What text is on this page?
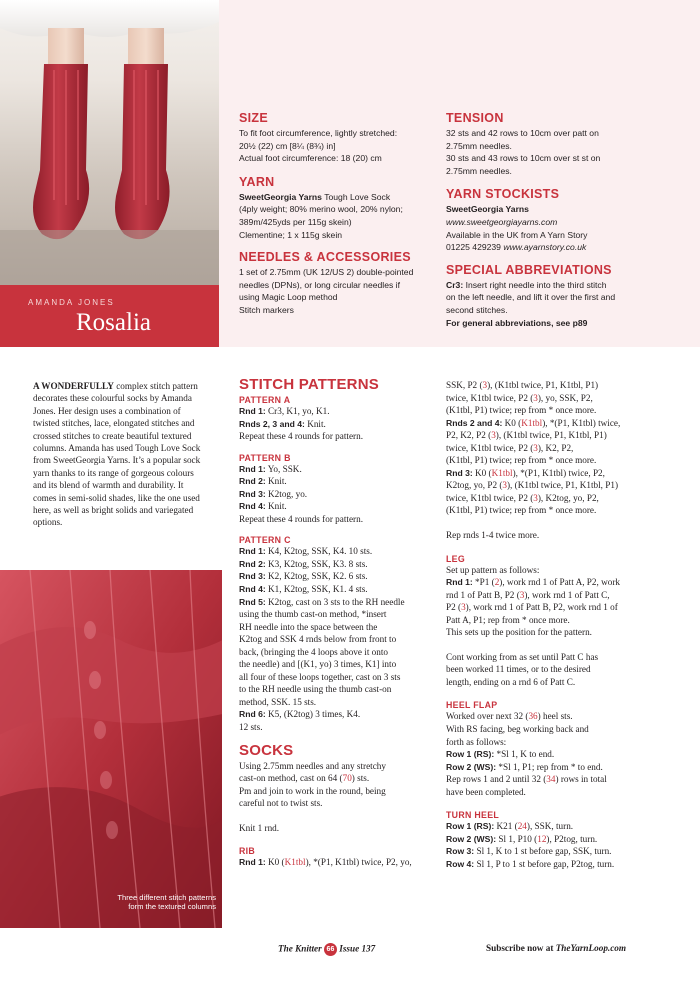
AMANDA JONES
Rosalia
SIZE
To fit foot circumference, lightly stretched:
20½ (22) cm [8¼ (8¾) in]
Actual foot circumference: 18 (20) cm
YARN
SweetGeorgia Yarns Tough Love Sock
(4ply weight; 80% merino wool, 20% nylon;
389m/425yds per 115g skein)
Clementine; 1 x 115g skein
NEEDLES & ACCESSORIES
1 set of 2.75mm (UK 12/US 2) double-pointed
needles (DPNs), or long circular needles if
using Magic Loop method
Stitch markers
TENSION
32 sts and 42 rows to 10cm over patt on
2.75mm needles.
30 sts and 43 rows to 10cm over st st on
2.75mm needles.
YARN STOCKISTS
SweetGeorgia Yarns
www.sweetgeorgiayarns.com
Available in the UK from A Yarn Story
01225 429239 www.ayarnstory.co.uk
SPECIAL ABBREVIATIONS
Cr3: Insert right needle into the third stitch
on the left needle, and lift it over the first and
second stitches.
For general abbreviations, see p89
A WONDERFULLY complex stitch pattern decorates these colourful socks by Amanda Jones. Her design uses a combination of twisted stitches, lace, elongated stitches and crossed stitches to create beautiful textured columns. Amanda has used Tough Love Sock from SweetGeorgia Yarns. It’s a popular sock yarn thanks to its range of gorgeous colours and its blend of warmth and durability. It comes in semi-solid shades, like the one used here, as well as bright solids and variegated options.
Three different stitch patterns form the textured columns
STITCH PATTERNS
PATTERN A
Rnd 1: Cr3, K1, yo, K1.
Rnds 2, 3 and 4: Knit.
Repeat these 4 rounds for pattern.
PATTERN B
Rnd 1: Yo, SSK.
Rnd 2: Knit.
Rnd 3: K2tog, yo.
Rnd 4: Knit.
Repeat these 4 rounds for pattern.
PATTERN C
Rnd 1: K4, K2tog, SSK, K4. 10 sts.
Rnd 2: K3, K2tog, SSK, K3. 8 sts.
Rnd 3: K2, K2tog, SSK, K2. 6 sts.
Rnd 4: K1, K2tog, SSK, K1. 4 sts.
Rnd 5: K2tog, cast on 3 sts to the RH needle
using the thumb cast-on method, *insert
RH needle into the space between the
K2tog and SSK 4 rnds below from front to
back, (bringing the 4 loops above it onto
the needle) and [(K1, yo) 3 times, K1] into
all four of these loops together, cast on 3 sts
to the RH needle using the thumb cast-on
method, SSK. 15 sts.
Rnd 6: K5, (K2tog) 3 times, K4.
12 sts.
SOCKS
Using 2.75mm needles and any stretchy
cast-on method, cast on 64 (70) sts.
Pm and join to work in the round, being
careful not to twist sts.
Knit 1 rnd.
RIB
Rnd 1: K0 (K1tbl), *(P1, K1tbl) twice, P2, yo,
SSK, P2 (3), (K1tbl twice, P1, K1tbl, P1)
twice, K1tbl twice, P2 (3), yo, SSK, P2,
(K1tbl, P1) twice; rep from * once more.
Rnds 2 and 4: K0 (K1tbl), *(P1, K1tbl) twice,
P2, K2, P2 (3), (K1tbl twice, P1, K1tbl, P1)
twice, K1tbl twice, P2 (3), K2, P2,
(K1tbl, P1) twice; rep from * once more.
Rnd 3: K0 (K1tbl), *(P1, K1tbl) twice, P2,
K2tog, yo, P2 (3), (K1tbl twice, P1, K1tbl, P1)
twice, K1tbl twice, P2 (3), K2tog, yo, P2,
(K1tbl, P1) twice; rep from * once more.
Rep rnds 1-4 twice more.
LEG
Set up pattern as follows:
Rnd 1: *P1 (2), work rnd 1 of Patt A, P2, work
rnd 1 of Patt B, P2 (3), work rnd 1 of Patt C,
P2 (3), work rnd 1 of Patt B, P2, work rnd 1 of
Patt A, P1; rep from * once more.
This sets up the position for the pattern.
Cont working from as set until Patt C has
been worked 11 times, or to the desired
length, ending on a rnd 6 of Patt C.
HEEL FLAP
Worked over next 32 (36) heel sts.
With RS facing, beg working back and
forth as follows:
Row 1 (RS): *Sl 1, K to end.
Row 2 (WS): *Sl 1, P1; rep from * to end.
Rep rows 1 and 2 until 32 (34) rows in total
have been completed.
TURN HEEL
Row 1 (RS): K21 (24), SSK, turn.
Row 2 (WS): Sl 1, P10 (12), P2tog, turn.
Row 3: Sl 1, K to 1 st before gap, SSK, turn.
Row 4: Sl 1, P to 1 st before gap, P2tog, turn.
The Knitter 66 Issue 137	Subscribe now at TheYarnLoop.com
